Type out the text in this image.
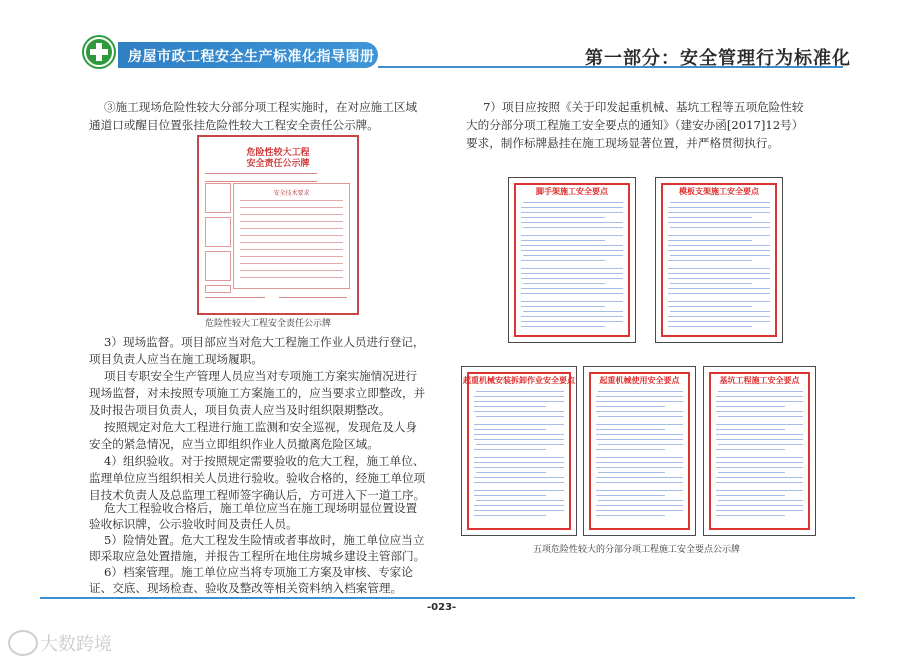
房屋市政工程安全生产标准化指导图册	第一部分：安全管理行为标准化
③施工现场危险性较大分部分项工程实施时，在对应施工区域
通道口或醒目位置张挂危险性较大工程安全责任公示牌。
危险性较大工程
安全责任公示牌
安全技术要求
危险性较大工程安全责任公示牌
3）现场监督。项目部应当对危大工程施工作业人员进行登记，
项目负责人应当在施工现场履职。
项目专职安全生产管理人员应当对专项施工方案实施情况进行
现场监督，对未按照专项施工方案施工的，应当要求立即整改，并
及时报告项目负责人，项目负责人应当及时组织限期整改。
按照规定对危大工程进行施工监测和安全巡视，发现危及人身
安全的紧急情况，应当立即组织作业人员撤离危险区域。
4）组织验收。对于按照规定需要验收的危大工程，施工单位、
监理单位应当组织相关人员进行验收。验收合格的，经施工单位项
目技术负责人及总监理工程师签字确认后，方可进入下一道工序。
危大工程验收合格后，施工单位应当在施工现场明显位置设置
验收标识牌，公示验收时间及责任人员。
5）险情处置。危大工程发生险情或者事故时，施工单位应当立
即采取应急处置措施，并报告工程所在地住房城乡建设主管部门。
6）档案管理。施工单位应当将专项施工方案及审核、专家论
7）项目应按照《关于印发起重机械、基坑工程等五项危险性较
大的分部分项工程施工安全要点的通知》（建安办函[2017]12号）
要求，制作标牌悬挂在施工现场显著位置，并严格贯彻执行。
脚手架施工安全要点	模板支架施工安全要点
起重机械安装拆卸作业安全要点	起重机械使用安全要点	基坑工程施工安全要点
五项危险性较大的分部分项工程施工安全要点公示牌
证、交底、现场检查、验收及整改等相关资料纳入档案管理。
-023-
大数跨境
